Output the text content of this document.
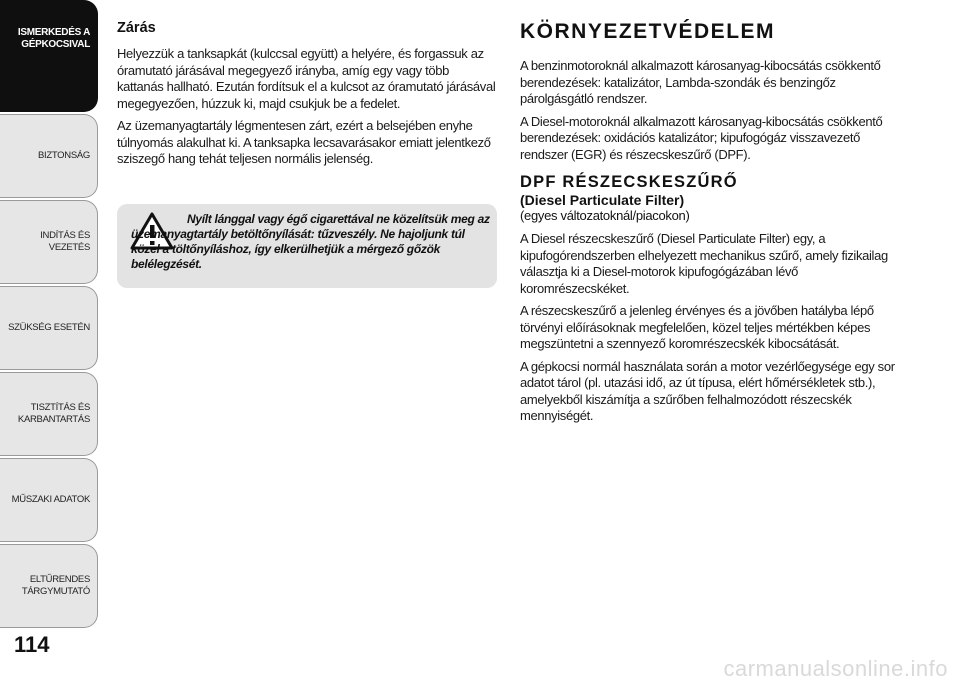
ISMERKEDÉS A
GÉPKOCSIVAL
BIZTONSÁG
INDÍTÁS ÉS VEZETÉS
SZÜKSÉG ESETÉN
TISZTÍTÁS ÉS
KARBANTARTÁS
MŰSZAKI ADATOK
ELTŰRENDES
TÁRGYMUTATÓ
114
Zárás

Helyezzük a tanksapkát (kulccsal együtt) a helyére, és forgassuk az óramutató járásával megegyező irányba, amíg egy vagy több kattanás hallható. Ezután fordítsuk el a kulcsot az óramutató járásával megegyezően, húzzuk ki, majd csukjuk be a fedelet.

Az üzemanyagtartály légmentesen zárt, ezért a belsejében enyhe túlnyomás alakulhat ki. A tanksapka lecsavarásakor emiatt jelentkező sziszegő hang tehát teljesen normális jelenség.

Nyílt lánggal vagy égő cigarettával ne közelítsük meg az üzemanyagtartály betöltőnyílását: tűzveszély. Ne hajoljunk túl közel a töltőnyíláshoz, így elkerülhetjük a mérgező gőzök belélegzését.
KÖRNYEZETVÉDELEM

A benzinmotoroknál alkalmazott károsanyag-kibocsátás csökkentő berendezések: katalizátor, Lambda-szondák és benzingőz párolgásgátló rendszer.

A Diesel-motoroknál alkalmazott károsanyag-kibocsátás csökkentő berendezések: oxidációs katalizátor; kipufogógáz visszavezető rendszer (EGR) és részecskeszűrő (DPF).

DPF RÉSZECSKESZŰRŐ
(Diesel Particulate Filter)
(egyes változatoknál/piacokon)

A Diesel részecskeszűrő (Diesel Particulate Filter) egy, a kipufogórendszerben elhelyezett mechanikus szűrő, amely fizikailag választja ki a Diesel-motorok kipufogógázában lévő koromrészecskéket.

A részecskeszűrő a jelenleg érvényes és a jövőben hatályba lépő törvényi előírásoknak megfelelően, közel teljes mértékben képes megszüntetni a szennyező koromrészecskék kibocsátását.

A gépkocsi normál használata során a motor vezérlőegysége egy sor adatot tárol (pl. utazási idő, az út típusa, elért hőmérsékletek stb.), amelyekből kiszámítja a szűrőben felhalmozódott részecskék mennyiségét.

carmanualsonline.info
